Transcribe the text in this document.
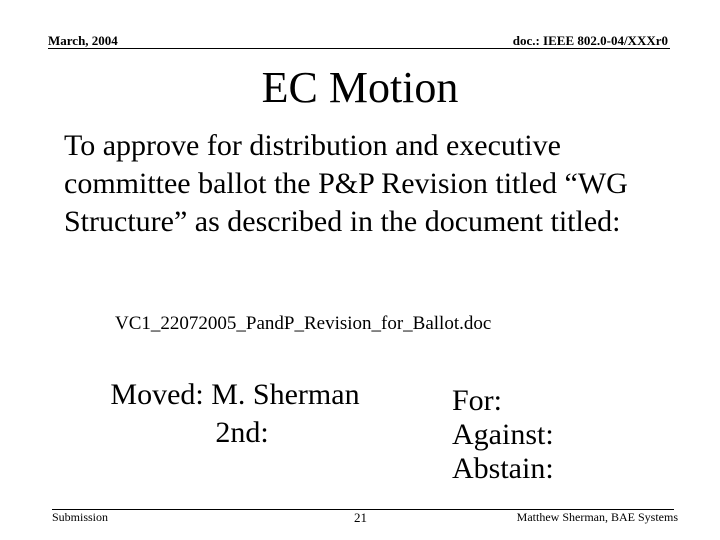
March, 2004	doc.: IEEE 802.0-04/XXXr0
EC Motion
To approve for distribution and executive committee ballot the P&P Revision titled “WG Structure” as described in the document titled:
VC1_22072005_PandP_Revision_for_Ballot.doc
Moved: M. Sherman
2nd:
For:
Against:
Abstain:
Submission	21	Matthew Sherman, BAE Systems
